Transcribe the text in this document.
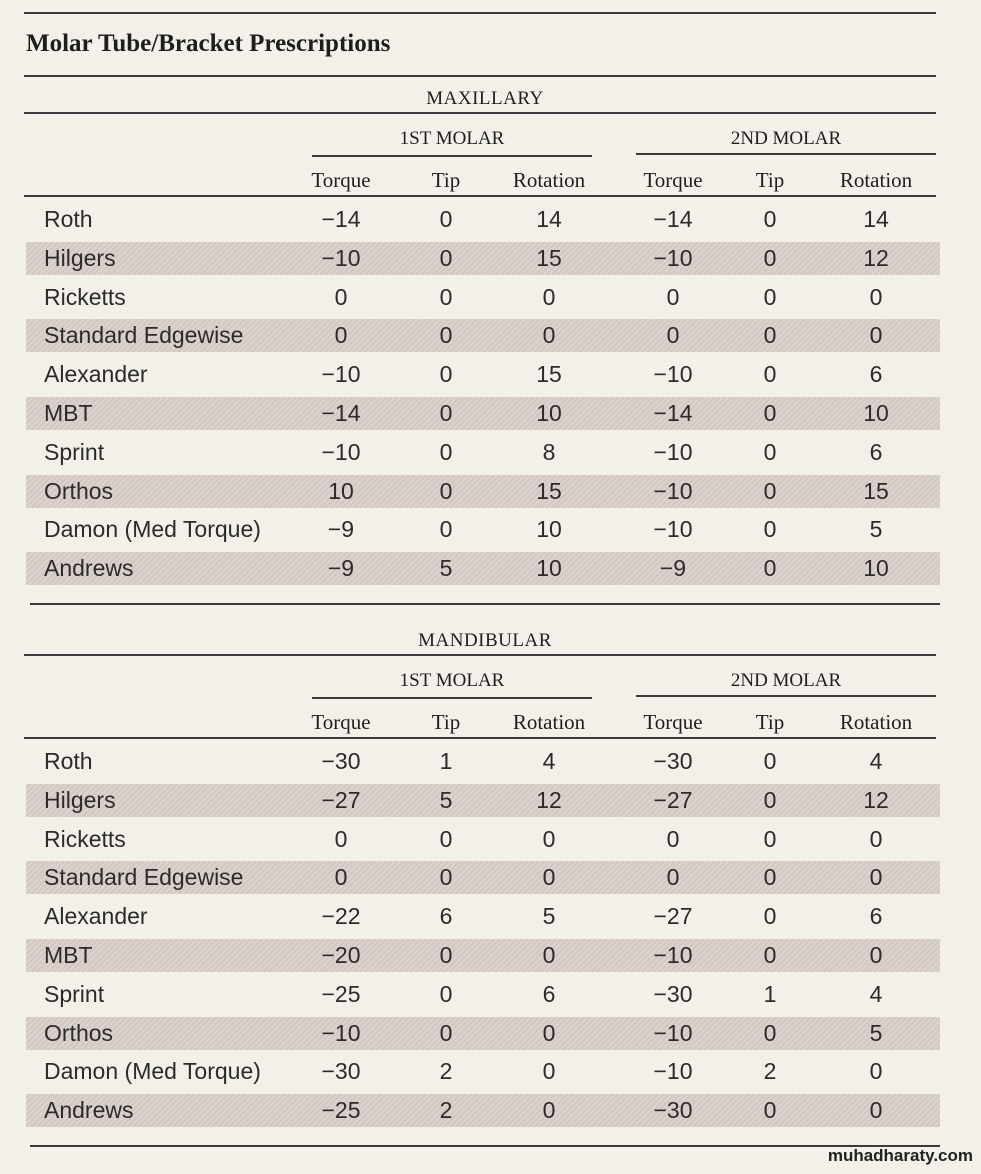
Molar Tube/Bracket Prescriptions
MAXILLARY
1ST MOLAR	2ND MOLAR
Torque	Tip	Rotation	Torque	Tip	Rotation
Roth	−14	0	14	−14	0	14
Hilgers	−10	0	15	−10	0	12
Ricketts	0	0	0	0	0	0
Standard Edgewise	0	0	0	0	0	0
Alexander	−10	0	15	−10	0	6
MBT	−14	0	10	−14	0	10
Sprint	−10	0	8	−10	0	6
Orthos	10	0	15	−10	0	15
Damon (Med Torque)	−9	0	10	−10	0	5
Andrews	−9	5	10	−9	0	10
MANDIBULAR
1ST MOLAR	2ND MOLAR
Torque	Tip	Rotation	Torque	Tip	Rotation
Roth	−30	1	4	−30	0	4
Hilgers	−27	5	12	−27	0	12
Ricketts	0	0	0	0	0	0
Standard Edgewise	0	0	0	0	0	0
Alexander	−22	6	5	−27	0	6
MBT	−20	0	0	−10	0	0
Sprint	−25	0	6	−30	1	4
Orthos	−10	0	0	−10	0	5
Damon (Med Torque)	−30	2	0	−10	2	0
Andrews	−25	2	0	−30	0	0
muhadharaty.com
